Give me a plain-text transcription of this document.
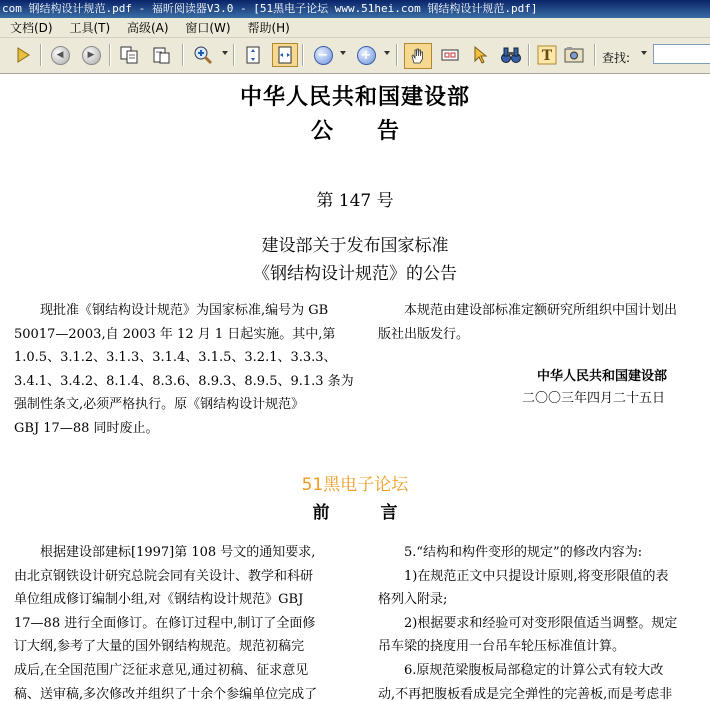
com 钢结构设计规范.pdf - 福昕阅读器V3.0 - [51黑电子论坛 www.51hei.com 钢结构设计规范.pdf]
文档(D) 工具(T) 高级(A) 窗口(W) 帮助(H)
◀	▶	−	+	T	查找:
中华人民共和国建设部
公　　告
第 147 号
建设部关于发布国家标准
《钢结构设计规范》的公告
现批准《钢结构设计规范》为国家标准,编号为 GB
50017—2003,自 2003 年 12 月 1 日起实施。其中,第
1.0.5、3.1.2、3.1.3、3.1.4、3.1.5、3.2.1、3.3.3、
3.4.1、3.4.2、8.1.4、8.3.6、8.9.3、8.9.5、9.1.3 条为
强制性条文,必须严格执行。原《钢结构设计规范》
GBJ 17—88 同时废止。
本规范由建设部标准定额研究所组织中国计划出
版社出版发行。
中华人民共和国建设部
二〇〇三年四月二十五日
51黑电子论坛
前　　　言
根据建设部建标[1997]第 108 号文的通知要求,
由北京钢铁设计研究总院会同有关设计、教学和科研
单位组成修订编制小组,对《钢结构设计规范》GBJ
17—88 进行全面修订。在修订过程中,制订了全面修
订大纲,参考了大量的国外钢结构规范。规范初稿完
成后,在全国范围广泛征求意见,通过初稿、征求意见
稿、送审稿,多次修改并组织了十余个参编单位完成了
5.“结构和构件变形的规定”的修改内容为:
1)在规范正文中只提设计原则,将变形限值的表
格列入附录;
2)根据要求和经验可对变形限值适当调整。规定
吊车梁的挠度用一台吊车轮压标准值计算。
6.原规范梁腹板局部稳定的计算公式有较大改
动,不再把腹板看成是完全弹性的完善板,而是考虑非
